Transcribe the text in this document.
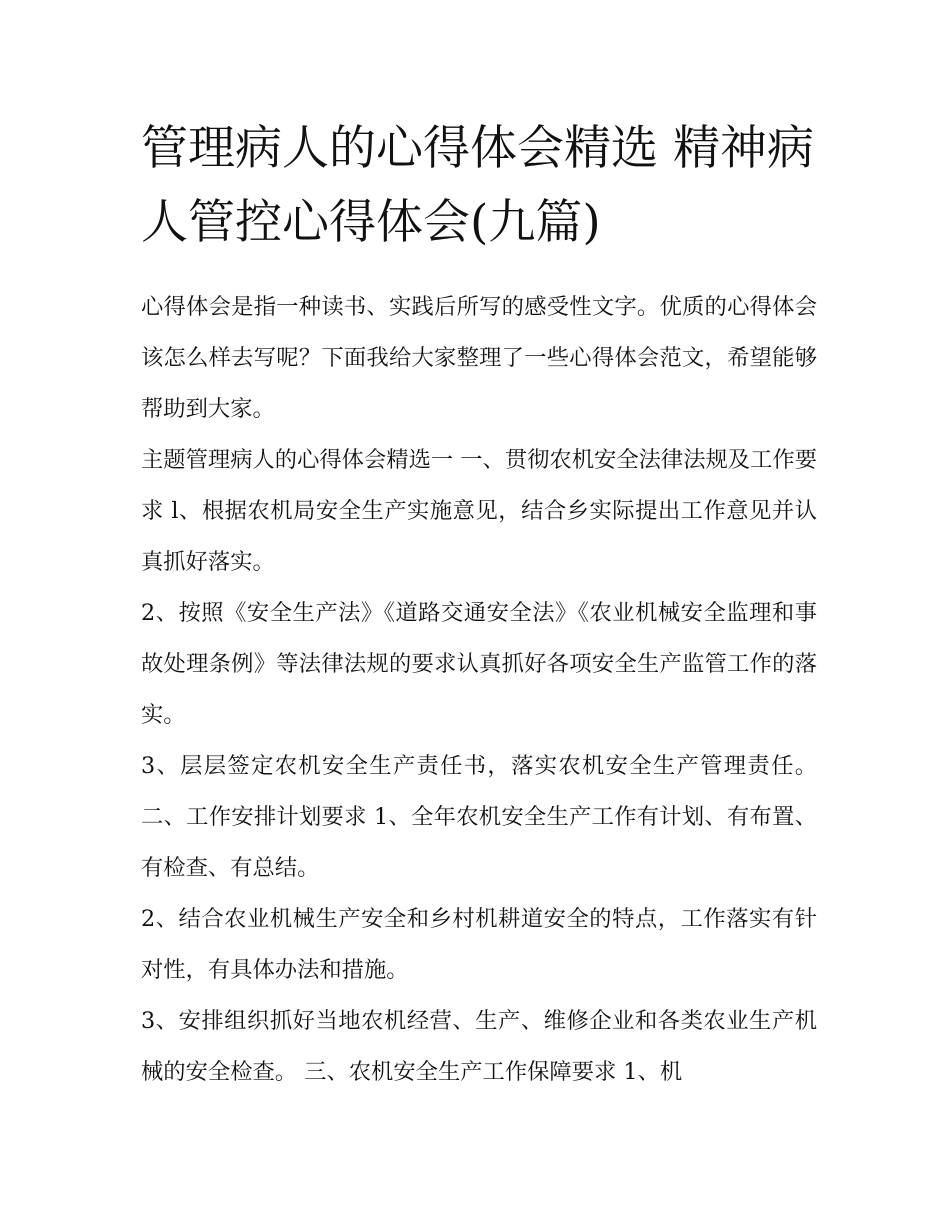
管理病人的心得体会精选 精神病人管控心得体会(九篇)

心得体会是指一种读书、实践后所写的感受性文字。优质的心得体会该怎么样去写呢？下面我给大家整理了一些心得体会范文，希望能够帮助到大家。

主题管理病人的心得体会精选一 一、贯彻农机安全法律法规及工作要求 l、根据农机局安全生产实施意见，结合乡实际提出工作意见并认真抓好落实。

2、按照《安全生产法》《道路交通安全法》《农业机械安全监理和事故处理条例》等法律法规的要求认真抓好各项安全生产监管工作的落实。

3、层层签定农机安全生产责任书，落实农机安全生产管理责任。 二、工作安排计划要求 1、全年农机安全生产工作有计划、有布置、有检查、有总结。

2、结合农业机械生产安全和乡村机耕道安全的特点，工作落实有针对性，有具体办法和措施。

3、安排组织抓好当地农机经营、生产、维修企业和各类农业生产机械的安全检查。 三、农机安全生产工作保障要求 1、机
